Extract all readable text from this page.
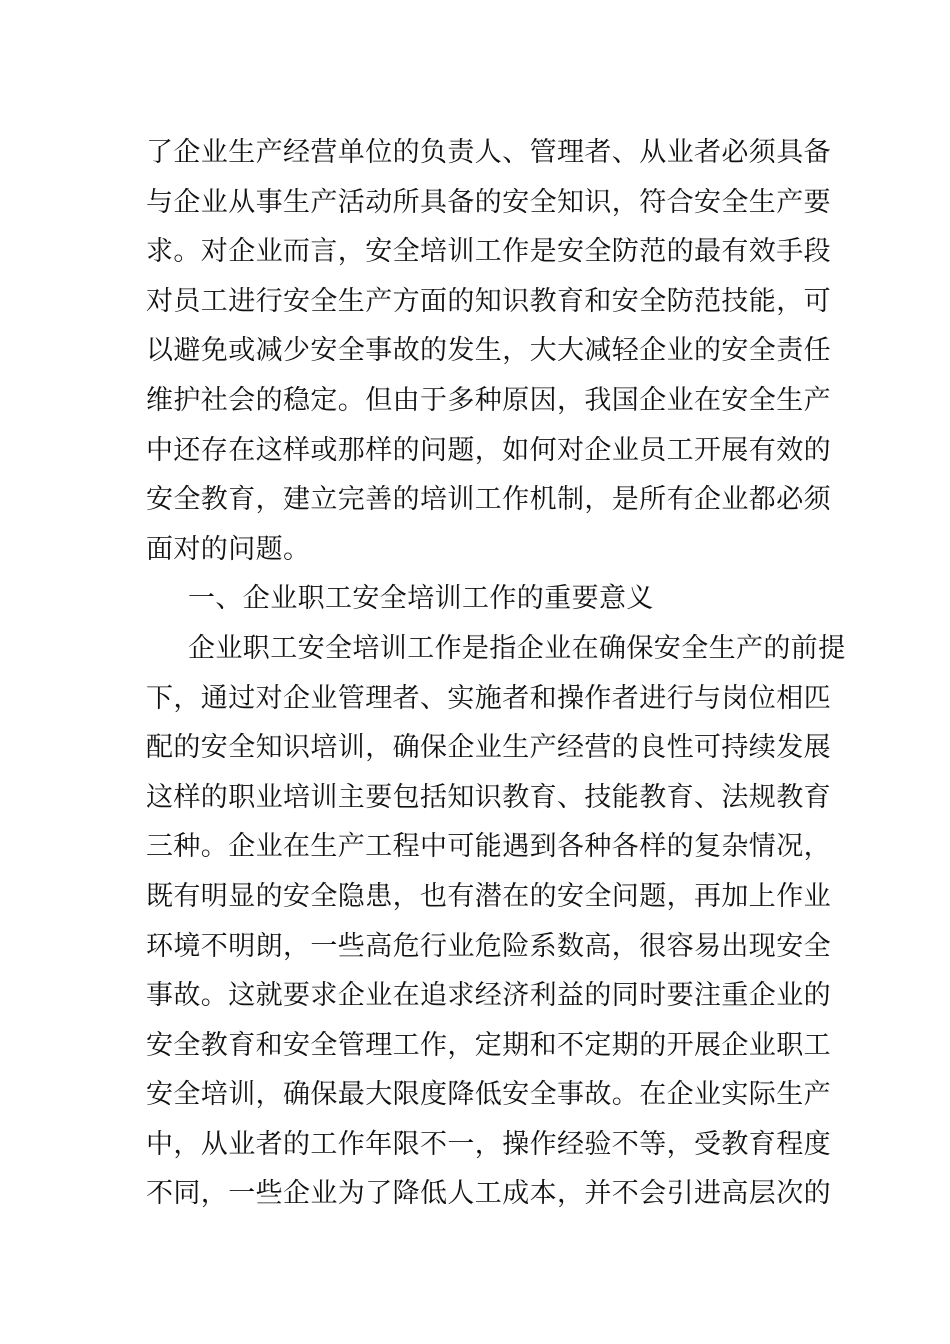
了企业生产经营单位的负责人、管理者、从业者必须具备
与企业从事生产活动所具备的安全知识，符合安全生产要
求。对企业而言，安全培训工作是安全防范的最有效手段
对员工进行安全生产方面的知识教育和安全防范技能，可
以避免或减少安全事故的发生，大大减轻企业的安全责任
维护社会的稳定。但由于多种原因，我国企业在安全生产
中还存在这样或那样的问题，如何对企业员工开展有效的
安全教育，建立完善的培训工作机制，是所有企业都必须
面对的问题。
一、企业职工安全培训工作的重要意义
企业职工安全培训工作是指企业在确保安全生产的前提
下，通过对企业管理者、实施者和操作者进行与岗位相匹
配的安全知识培训，确保企业生产经营的良性可持续发展
这样的职业培训主要包括知识教育、技能教育、法规教育
三种。企业在生产工程中可能遇到各种各样的复杂情况，
既有明显的安全隐患，也有潜在的安全问题，再加上作业
环境不明朗，一些高危行业危险系数高，很容易出现安全
事故。这就要求企业在追求经济利益的同时要注重企业的
安全教育和安全管理工作，定期和不定期的开展企业职工
安全培训，确保最大限度降低安全事故。在企业实际生产
中，从业者的工作年限不一，操作经验不等，受教育程度
不同，一些企业为了降低人工成本，并不会引进高层次的
